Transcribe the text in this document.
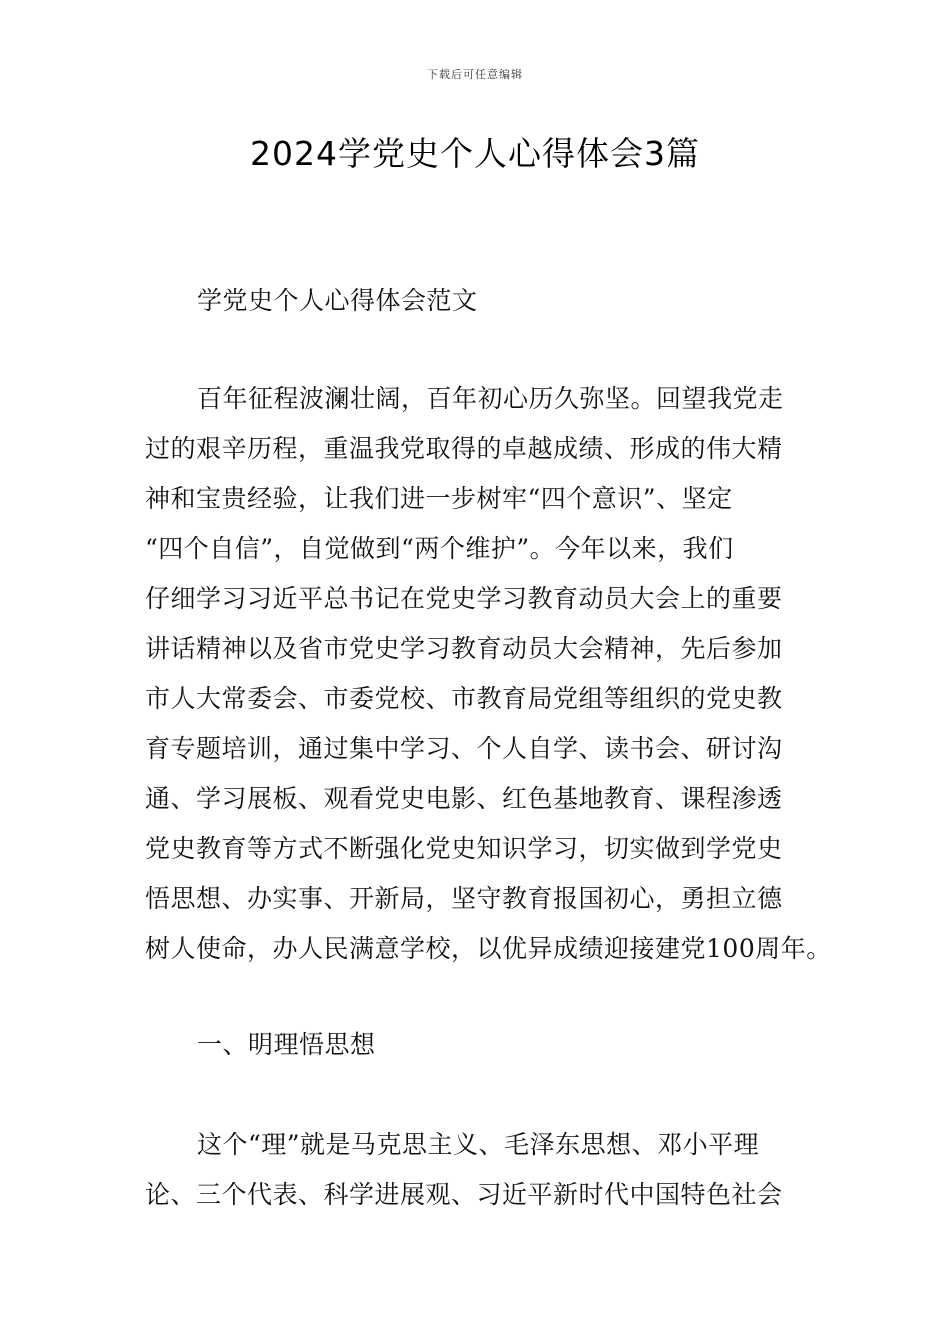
下载后可任意编辑
2024学党史个人心得体会3篇
学党史个人心得体会范文
百年征程波澜壮阔，百年初心历久弥坚。回望我党走
过的艰辛历程，重温我党取得的卓越成绩、形成的伟大精
神和宝贵经验，让我们进一步树牢“四个意识”、坚定
“四个自信”，自觉做到“两个维护”。今年以来，我们
仔细学习习近平总书记在党史学习教育动员大会上的重要
讲话精神以及省市党史学习教育动员大会精神，先后参加
市人大常委会、市委党校、市教育局党组等组织的党史教
育专题培训，通过集中学习、个人自学、读书会、研讨沟
通、学习展板、观看党史电影、红色基地教育、课程渗透
党史教育等方式不断强化党史知识学习，切实做到学党史
悟思想、办实事、开新局，坚守教育报国初心，勇担立德
树人使命，办人民满意学校，以优异成绩迎接建党100周年。
一、明理悟思想
这个“理”就是马克思主义、毛泽东思想、邓小平理
论、三个代表、科学进展观、习近平新时代中国特色社会
